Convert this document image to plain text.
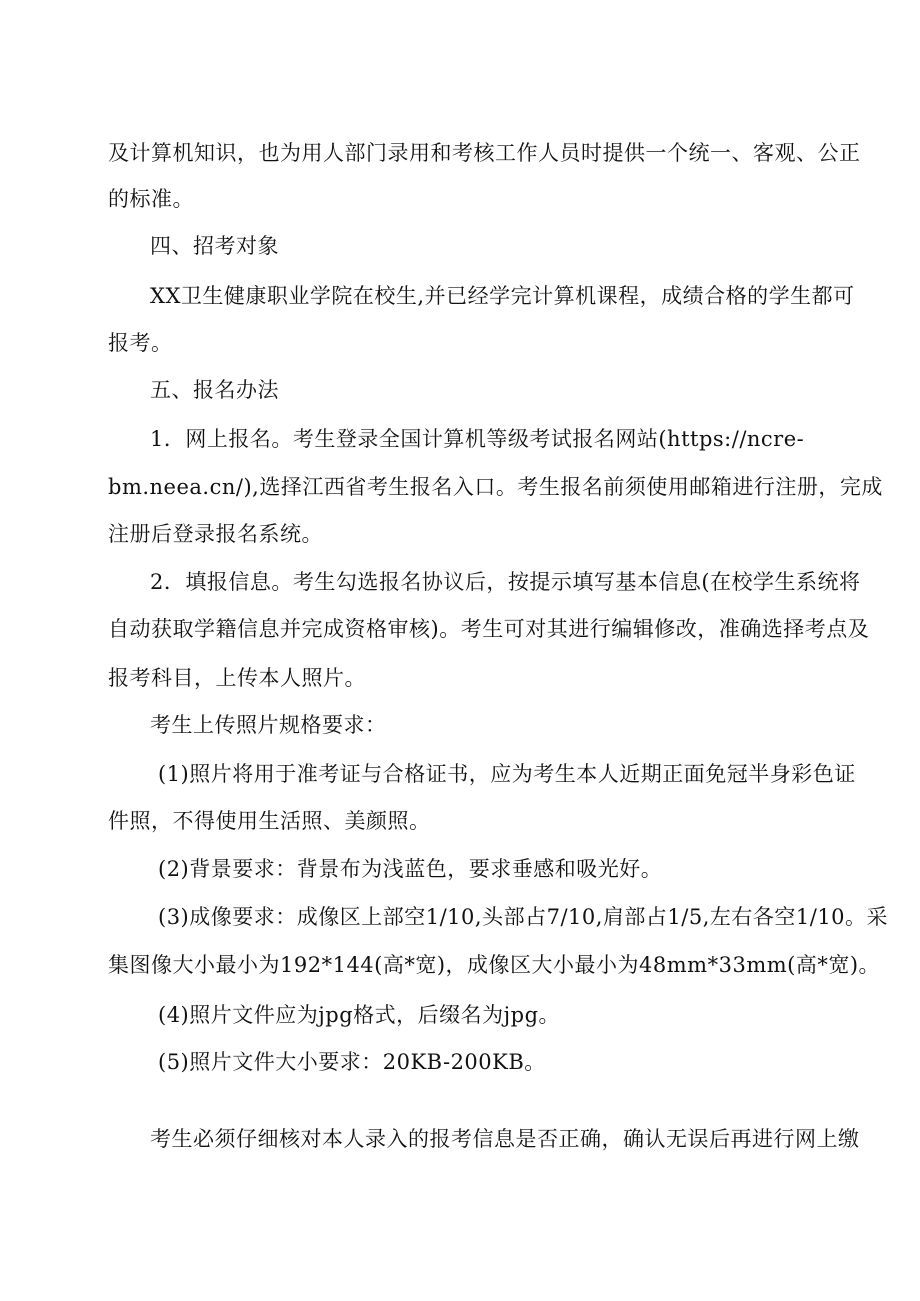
及计算机知识，也为用人部门录用和考核工作人员时提供一个统一、客观、公正
的标准。
四、招考对象
XX卫生健康职业学院在校生,并已经学完计算机课程，成绩合格的学生都可
报考。
五、报名办法
1．网上报名。考生登录全国计算机等级考试报名网站(https://ncre-
bm.neea.cn/),选择江西省考生报名入口。考生报名前须使用邮箱进行注册，完成
注册后登录报名系统。
2．填报信息。考生勾选报名协议后，按提示填写基本信息(在校学生系统将
自动获取学籍信息并完成资格审核)。考生可对其进行编辑修改，准确选择考点及
报考科目，上传本人照片。
考生上传照片规格要求：
(1)照片将用于准考证与合格证书，应为考生本人近期正面免冠半身彩色证
件照，不得使用生活照、美颜照。
(2)背景要求：背景布为浅蓝色，要求垂感和吸光好。
(3)成像要求：成像区上部空1/10,头部占7/10,肩部占1/5,左右各空1/10。采
集图像大小最小为192*144(高*宽)，成像区大小最小为48mm*33mm(高*宽)。
(4)照片文件应为jpg格式，后缀名为jpg。
(5)照片文件大小要求：20KB-200KB。
考生必须仔细核对本人录入的报考信息是否正确，确认无误后再进行网上缴
